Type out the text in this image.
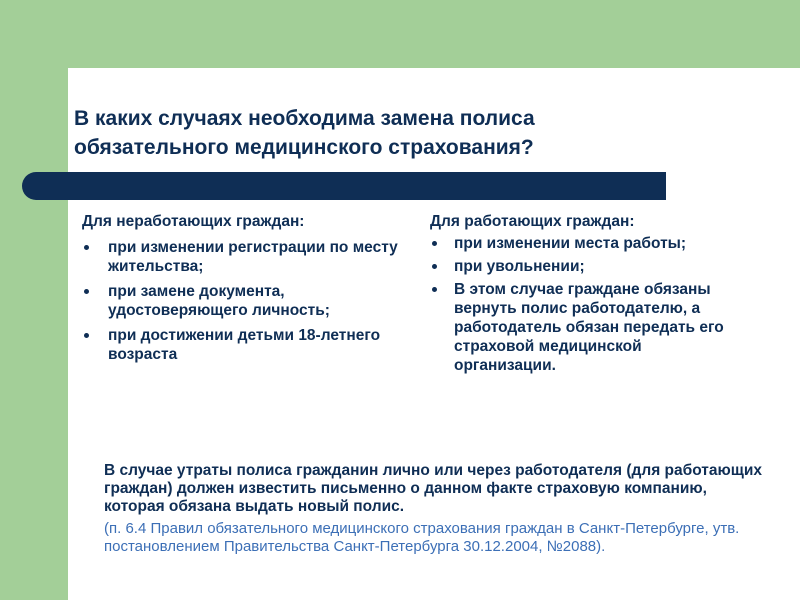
В каких случаях необходима замена полиса обязательного медицинского страхования?

Для неработающих граждан:

при изменении регистрации по месту жительства;
при замене документа, удостоверяющего личность;
при достижении детьми 18-летнего возраста

Для работающих граждан:

при изменении места работы;
при увольнении;
В этом случае граждане обязаны вернуть полис работодателю, а работодатель обязан передать его страховой медицинской организации.

В случае утраты полиса гражданин лично или через работодателя (для работающих граждан) должен известить письменно о данном факте страховую компанию, которая обязана выдать новый полис.

(п. 6.4 Правил обязательного медицинского страхования граждан в Санкт-Петербурге, утв. постановлением Правительства Санкт-Петербурга 30.12.2004, №2088).
